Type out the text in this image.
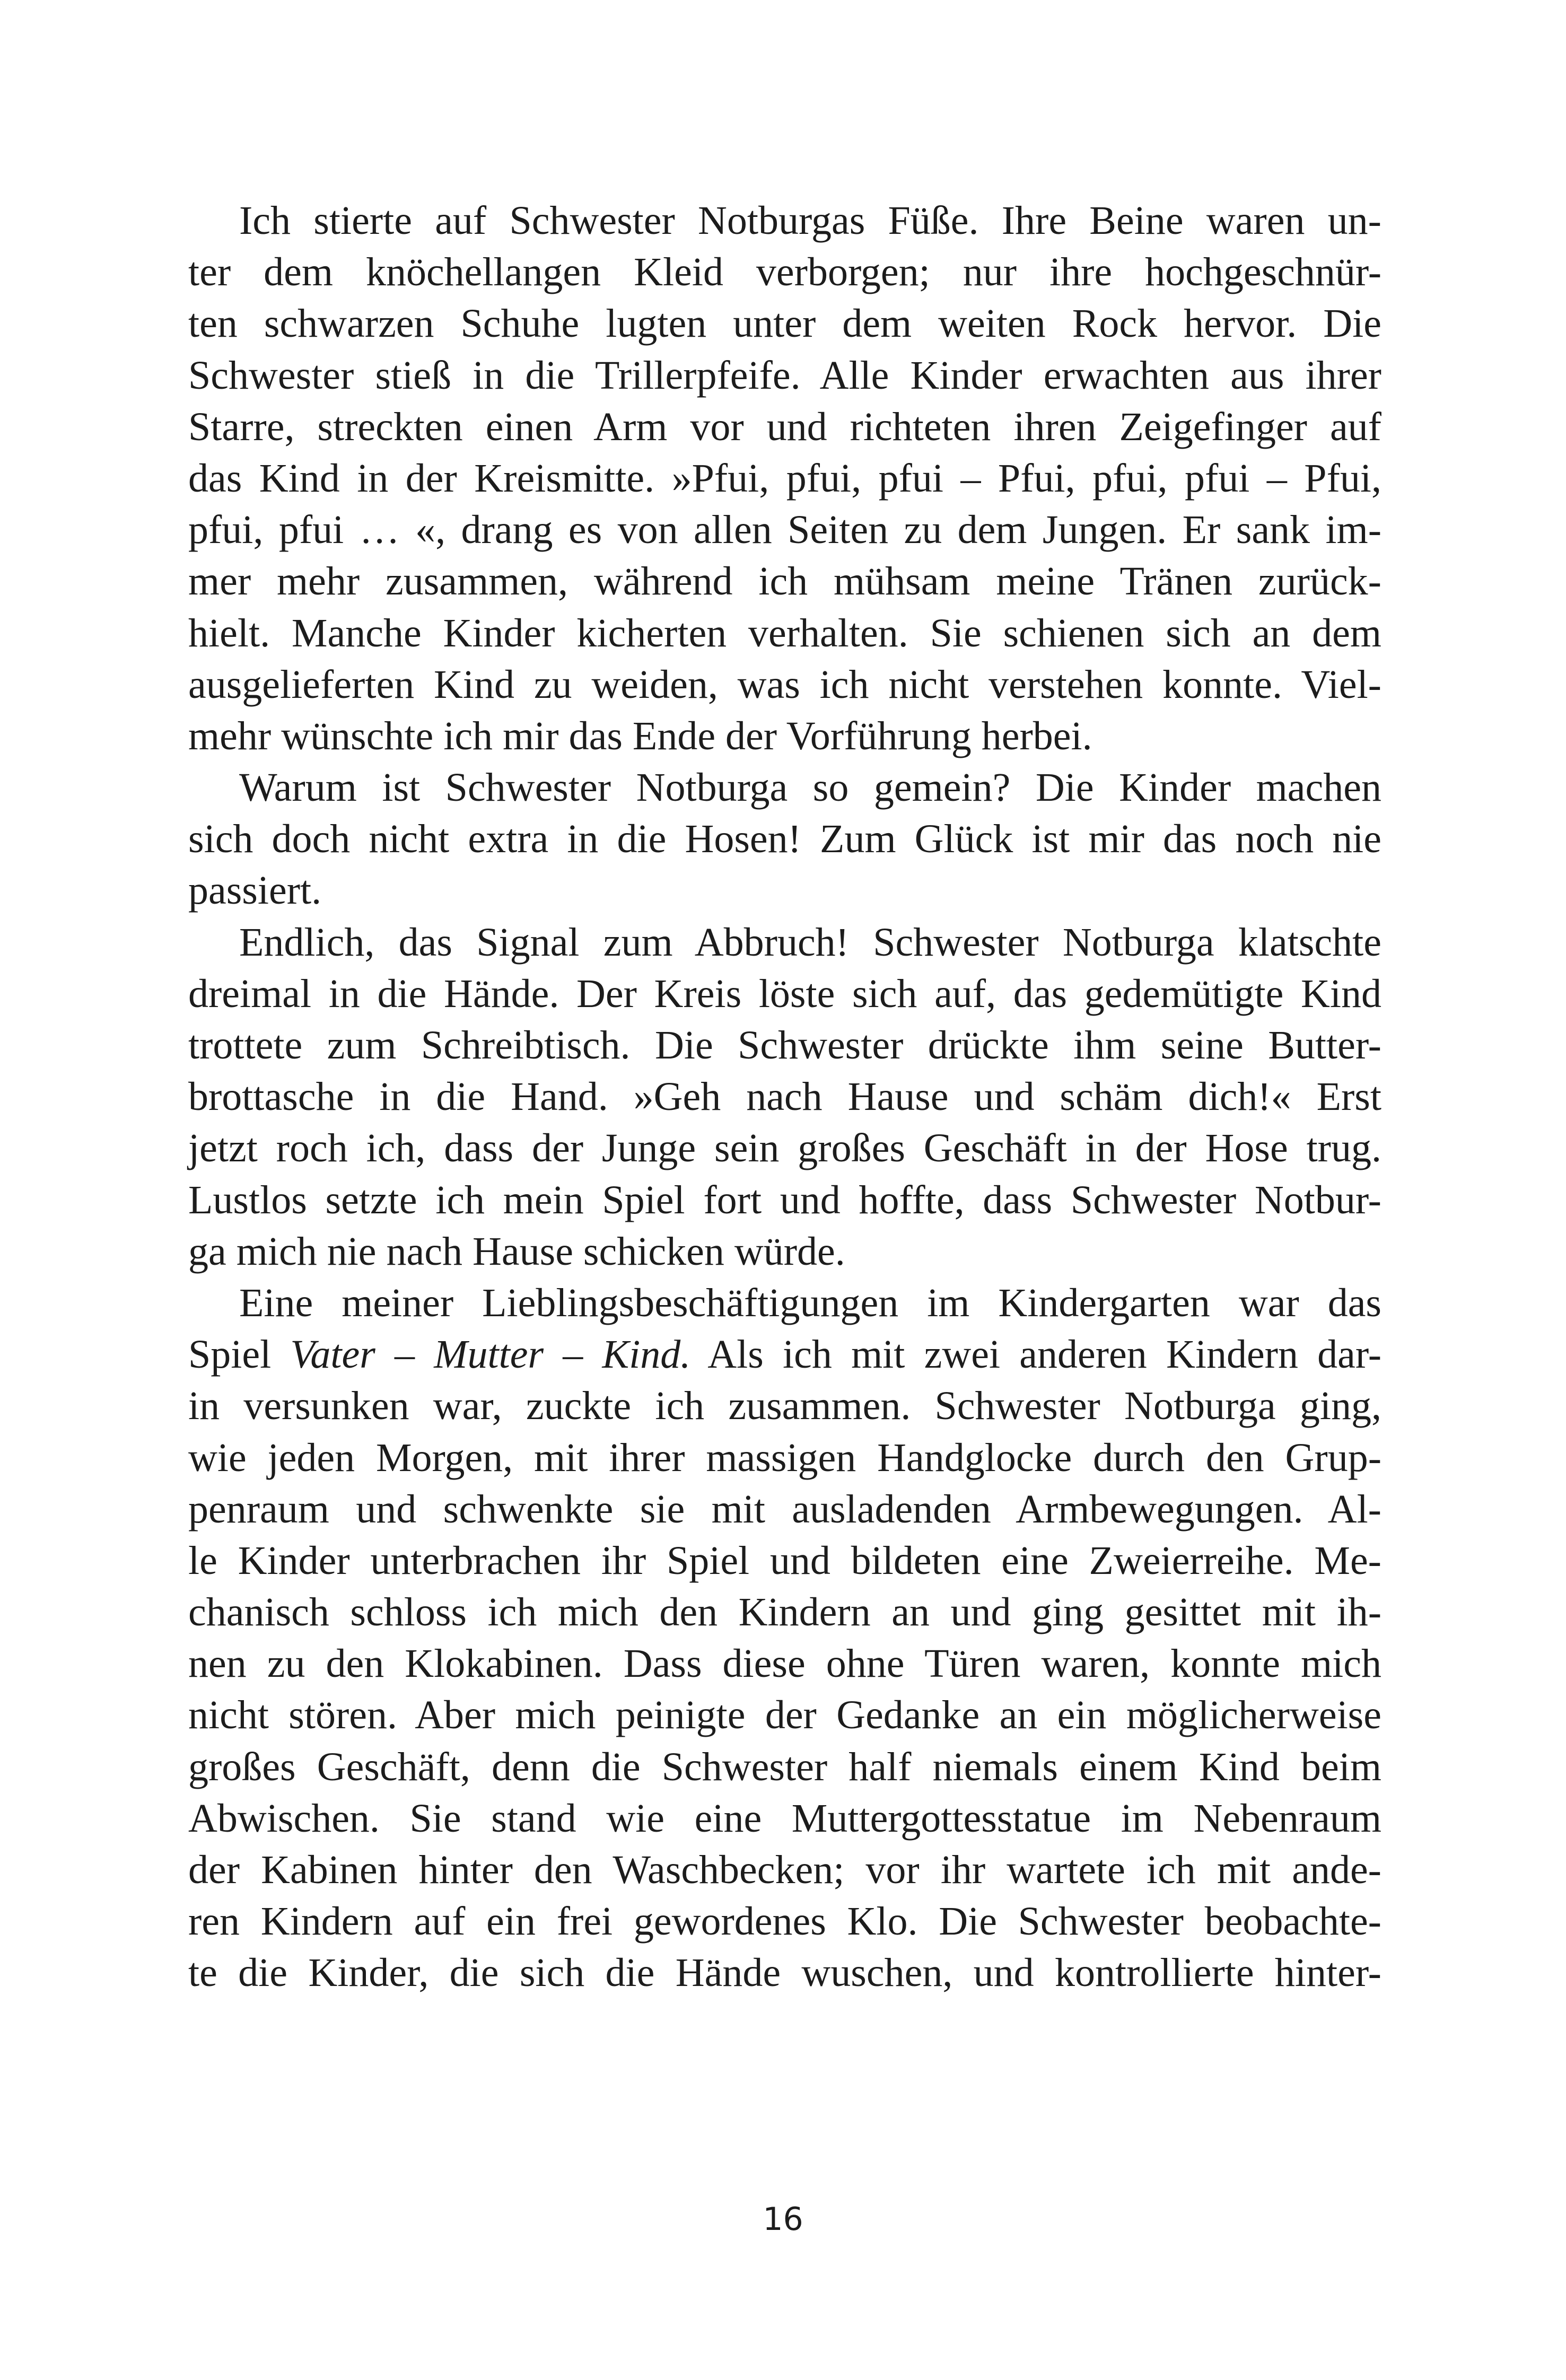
Ich stierte auf Schwester Notburgas Füße. Ihre Beine waren un-
ter dem knöchellangen Kleid verborgen; nur ihre hochgeschnür-
ten schwarzen Schuhe lugten unter dem weiten Rock hervor. Die
Schwester stieß in die Trillerpfeife. Alle Kinder erwachten aus ihrer
Starre, streckten einen Arm vor und richteten ihren Zeigefinger auf
das Kind in der Kreismitte. »Pfui, pfui, pfui – Pfui, pfui, pfui – Pfui,
pfui, pfui … «, drang es von allen Seiten zu dem Jungen. Er sank im-
mer mehr zusammen, während ich mühsam meine Tränen zurück-
hielt. Manche Kinder kicherten verhalten. Sie schienen sich an dem
ausgelieferten Kind zu weiden, was ich nicht verstehen konnte. Viel-
mehr wünschte ich mir das Ende der Vorführung herbei.
Warum ist Schwester Notburga so gemein? Die Kinder machen
sich doch nicht extra in die Hosen! Zum Glück ist mir das noch nie
passiert.
Endlich, das Signal zum Abbruch! Schwester Notburga klatschte
dreimal in die Hände. Der Kreis löste sich auf, das gedemütigte Kind
trottete zum Schreibtisch. Die Schwester drückte ihm seine Butter-
brottasche in die Hand. »Geh nach Hause und schäm dich!« Erst
jetzt roch ich, dass der Junge sein großes Geschäft in der Hose trug.
Lustlos setzte ich mein Spiel fort und hoffte, dass Schwester Notbur-
ga mich nie nach Hause schicken würde.
Eine meiner Lieblingsbeschäftigungen im Kindergarten war das
Spiel Vater – Mutter – Kind. Als ich mit zwei anderen Kindern dar-
in versunken war, zuckte ich zusammen. Schwester Notburga ging,
wie jeden Morgen, mit ihrer massigen Handglocke durch den Grup-
penraum und schwenkte sie mit ausladenden Armbewegungen. Al-
le Kinder unterbrachen ihr Spiel und bildeten eine Zweierreihe. Me-
chanisch schloss ich mich den Kindern an und ging gesittet mit ih-
nen zu den Klokabinen. Dass diese ohne Türen waren, konnte mich
nicht stören. Aber mich peinigte der Gedanke an ein möglicherweise
großes Geschäft, denn die Schwester half niemals einem Kind beim
Abwischen. Sie stand wie eine Muttergottesstatue im Nebenraum
der Kabinen hinter den Waschbecken; vor ihr wartete ich mit ande-
ren Kindern auf ein frei gewordenes Klo. Die Schwester beobachte-
te die Kinder, die sich die Hände wuschen, und kontrollierte hinter-
16
